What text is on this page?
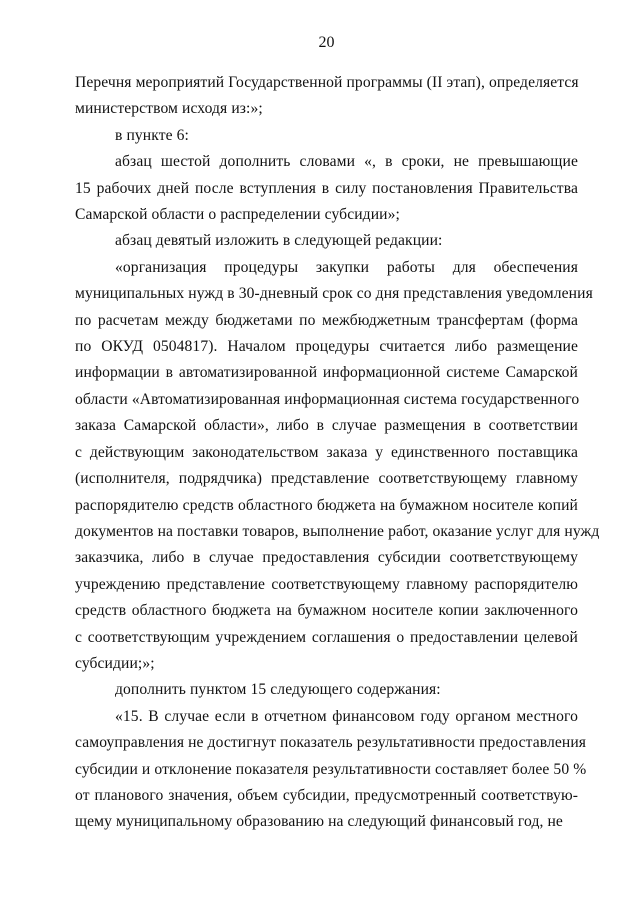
20
Перечня мероприятий Государственной программы (II этап), определяется
министерством исходя из:»;
в пункте 6:
абзац шестой дополнить словами «, в сроки, не превышающие
15 рабочих дней после вступления в силу постановления Правительства
Самарской области о распределении субсидии»;
абзац девятый изложить в следующей редакции:
«организация процедуры закупки работы для обеспечения
муниципальных нужд в 30-дневный срок со дня представления уведомления
по расчетам между бюджетами по межбюджетным трансфертам (форма
по ОКУД 0504817). Началом процедуры считается либо размещение
информации в автоматизированной информационной системе Самарской
области «Автоматизированная информационная система государственного
заказа Самарской области», либо в случае размещения в соответствии
с действующим законодательством заказа у единственного поставщика
(исполнителя, подрядчика) представление соответствующему главному
распорядителю средств областного бюджета на бумажном носителе копий
документов на поставки товаров, выполнение работ, оказание услуг для нужд
заказчика, либо в случае предоставления субсидии соответствующему
учреждению представление соответствующему главному распорядителю
средств областного бюджета на бумажном носителе копии заключенного
с соответствующим учреждением соглашения о предоставлении целевой
субсидии;»;
дополнить пунктом 15 следующего содержания:
«15. В случае если в отчетном финансовом году органом местного
самоуправления не достигнут показатель результативности предоставления
субсидии и отклонение показателя результативности составляет более 50 %
от планового значения, объем субсидии, предусмотренный соответствую-
щему муниципальному образованию на следующий финансовый год, не
